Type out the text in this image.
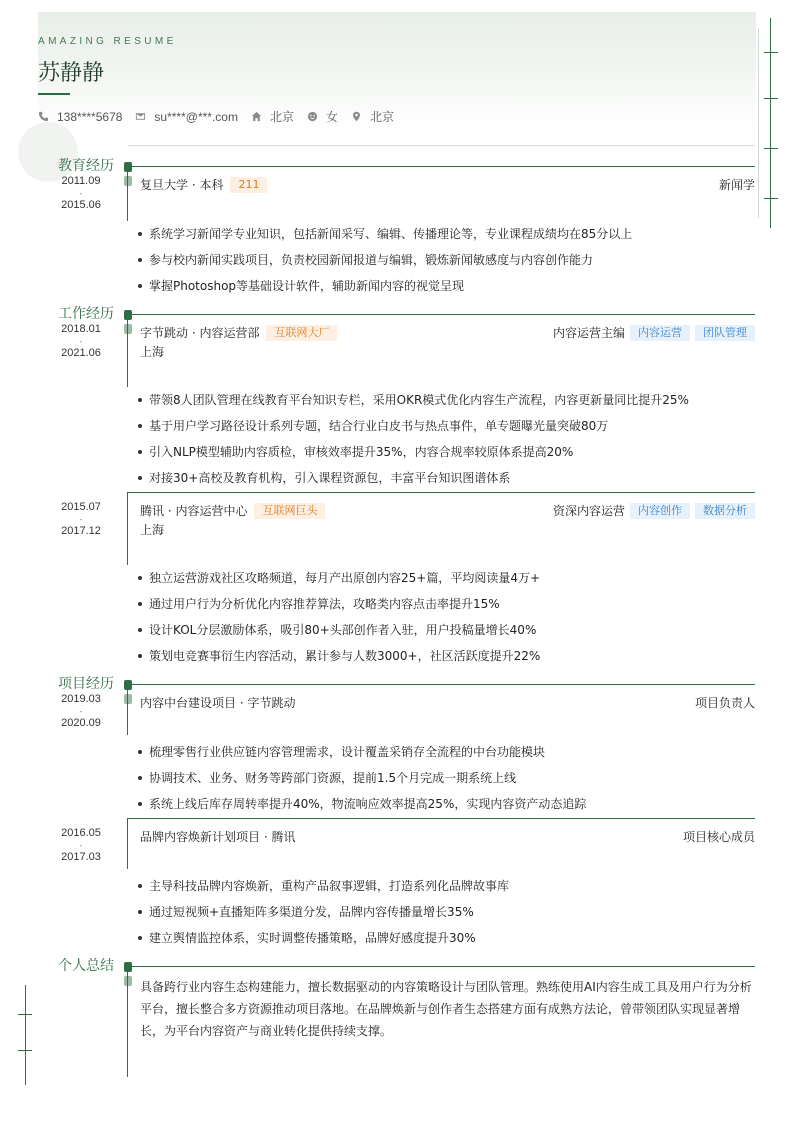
AMAZING RESUME
苏静静
138****5678	su****@***.com	北京	女	北京
教育经历
2011.09
-
2015.06
复旦大学 · 本科	211	新闻学
系统学习新闻学专业知识，包括新闻采写、编辑、传播理论等，专业课程成绩均在85分以上
参与校内新闻实践项目，负责校园新闻报道与编辑，锻炼新闻敏感度与内容创作能力
掌握Photoshop等基础设计软件，辅助新闻内容的视觉呈现
工作经历
2018.01
-
2021.06
字节跳动 · 内容运营部	互联网大厂	内容运营主编	内容运营	团队管理
上海
带领8人团队管理在线教育平台知识专栏，采用OKR模式优化内容生产流程，内容更新量同比提升25%
基于用户学习路径设计系列专题，结合行业白皮书与热点事件，单专题曝光量突破80万
引入NLP模型辅助内容质检，审核效率提升35%，内容合规率较原体系提高20%
对接30+高校及教育机构，引入课程资源包，丰富平台知识图谱体系
2015.07
-
2017.12
腾讯 · 内容运营中心	互联网巨头	资深内容运营	内容创作	数据分析
上海
独立运营游戏社区攻略频道，每月产出原创内容25+篇，平均阅读量4万+
通过用户行为分析优化内容推荐算法，攻略类内容点击率提升15%
设计KOL分层激励体系，吸引80+头部创作者入驻，用户投稿量增长40%
策划电竞赛事衍生内容活动，累计参与人数3000+，社区活跃度提升22%
项目经历
2019.03
-
2020.09
内容中台建设项目 · 字节跳动	项目负责人
梳理零售行业供应链内容管理需求，设计覆盖采销存全流程的中台功能模块
协调技术、业务、财务等跨部门资源，提前1.5个月完成一期系统上线
系统上线后库存周转率提升40%，物流响应效率提高25%，实现内容资产动态追踪
2016.05
-
2017.03
品牌内容焕新计划项目 · 腾讯	项目核心成员
主导科技品牌内容焕新，重构产品叙事逻辑，打造系列化品牌故事库
通过短视频+直播矩阵多渠道分发，品牌内容传播量增长35%
建立舆情监控体系，实时调整传播策略，品牌好感度提升30%
个人总结

具备跨行业内容生态构建能力，擅长数据驱动的内容策略设计与团队管理。熟练使用AI内容生成工具及用户行为分析平台，擅长整合多方资源推动项目落地。在品牌焕新与创作者生态搭建方面有成熟方法论，曾带领团队实现显著增长，为平台内容资产与商业转化提供持续支撑。
